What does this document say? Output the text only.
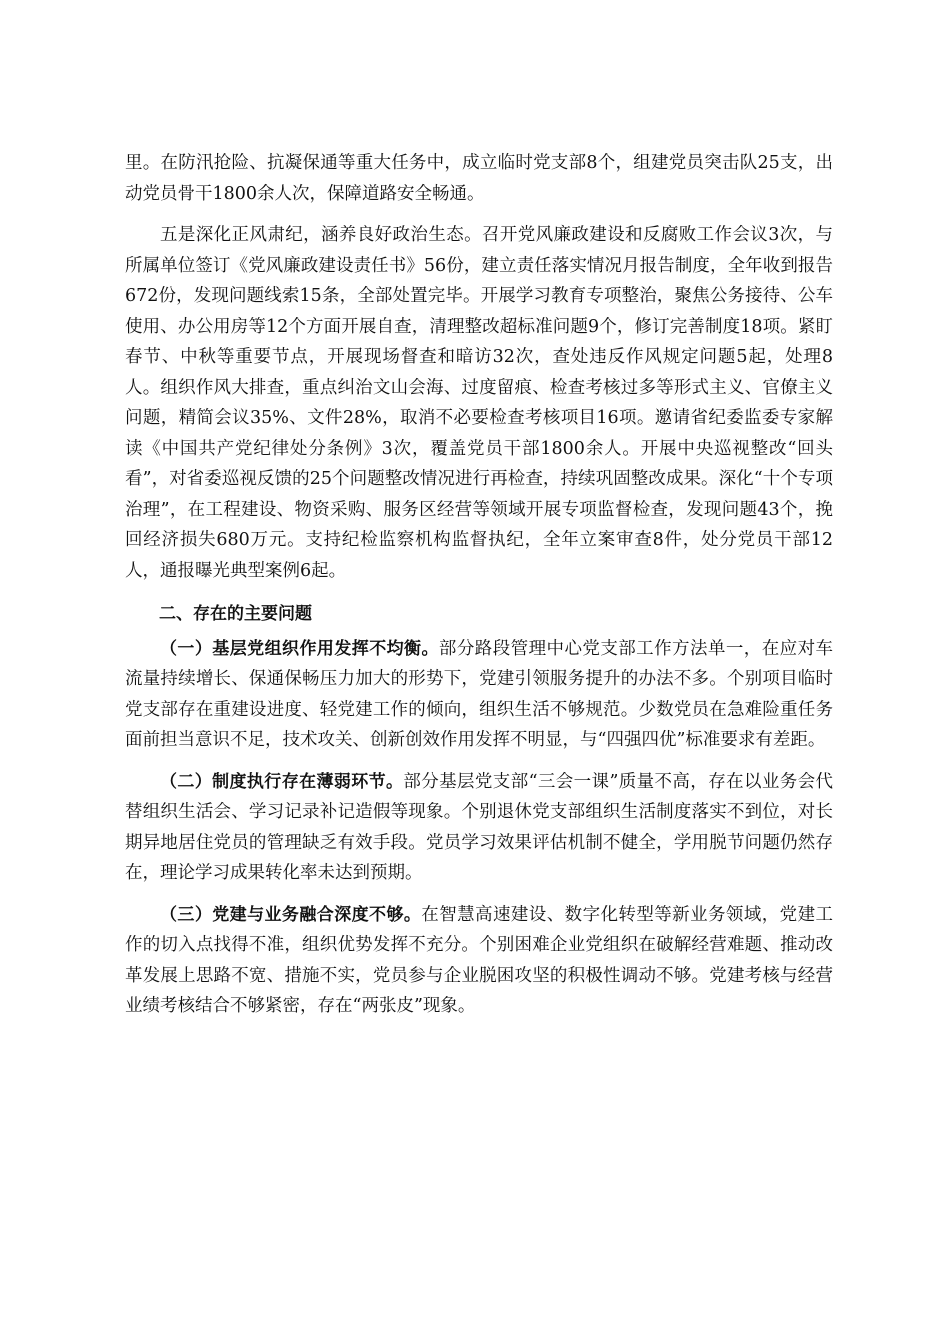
里。在防汛抢险、抗凝保通等重大任务中，成立临时党支部8个，组建党员突击队25支，出动党员骨干1800余人次，保障道路安全畅通。

五是深化正风肃纪，涵养良好政治生态。召开党风廉政建设和反腐败工作会议3次，与所属单位签订《党风廉政建设责任书》56份，建立责任落实情况月报告制度，全年收到报告672份，发现问题线索15条，全部处置完毕。开展学习教育专项整治，聚焦公务接待、公车使用、办公用房等12个方面开展自查，清理整改超标准问题9个，修订完善制度18项。紧盯春节、中秋等重要节点，开展现场督查和暗访32次，查处违反作风规定问题5起，处理8人。组织作风大排查，重点纠治文山会海、过度留痕、检查考核过多等形式主义、官僚主义问题，精简会议35%、文件28%，取消不必要检查考核项目16项。邀请省纪委监委专家解读《中国共产党纪律处分条例》3次，覆盖党员干部1800余人。开展中央巡视整改“回头看”，对省委巡视反馈的25个问题整改情况进行再检查，持续巩固整改成果。深化“十个专项治理”，在工程建设、物资采购、服务区经营等领域开展专项监督检查，发现问题43个，挽回经济损失680万元。支持纪检监察机构监督执纪，全年立案审查8件，处分党员干部12人，通报曝光典型案例6起。

二、存在的主要问题

（一）基层党组织作用发挥不均衡。部分路段管理中心党支部工作方法单一，在应对车流量持续增长、保通保畅压力加大的形势下，党建引领服务提升的办法不多。个别项目临时党支部存在重建设进度、轻党建工作的倾向，组织生活不够规范。少数党员在急难险重任务面前担当意识不足，技术攻关、创新创效作用发挥不明显，与“四强四优”标准要求有差距。

（二）制度执行存在薄弱环节。部分基层党支部“三会一课”质量不高，存在以业务会代替组织生活会、学习记录补记造假等现象。个别退休党支部组织生活制度落实不到位，对长期异地居住党员的管理缺乏有效手段。党员学习效果评估机制不健全，学用脱节问题仍然存在，理论学习成果转化率未达到预期。

（三）党建与业务融合深度不够。在智慧高速建设、数字化转型等新业务领域，党建工作的切入点找得不准，组织优势发挥不充分。个别困难企业党组织在破解经营难题、推动改革发展上思路不宽、措施不实，党员参与企业脱困攻坚的积极性调动不够。党建考核与经营业绩考核结合不够紧密，存在“两张皮”现象。
